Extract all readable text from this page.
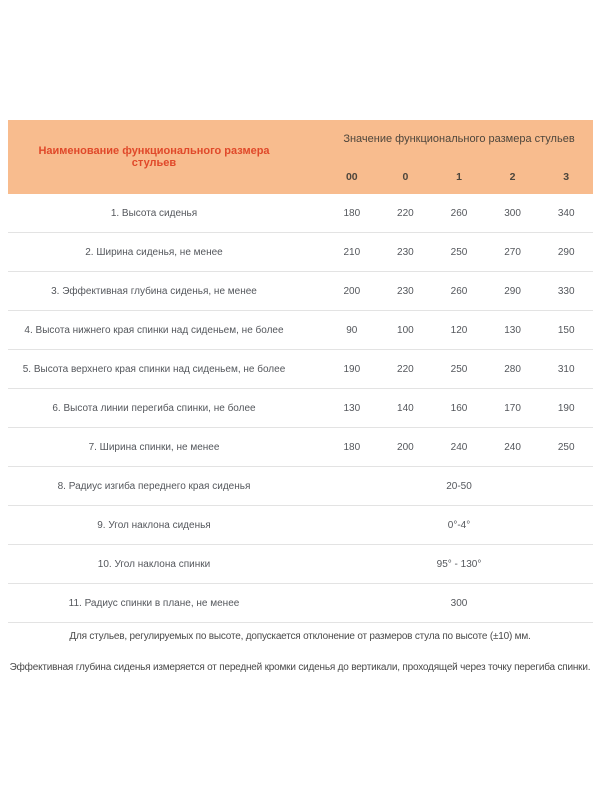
Наименование функционального размера стульев
Значение функционального размера стульев
00	0	1	2	3
1. Высота сиденья	180	220	260	300	340
2. Ширина сиденья, не менее	210	230	250	270	290
3. Эффективная глубина сиденья, не менее	200	230	260	290	330
4. Высота нижнего края спинки над сиденьем, не более	90	100	120	130	150
5. Высота верхнего края спинки над сиденьем, не более	190	220	250	280	310
6. Высота линии перегиба спинки, не более	130	140	160	170	190
7. Ширина спинки, не менее	180	200	240	240	250
8. Радиус изгиба переднего края сиденья	20-50
9. Угол наклона сиденья	0°-4°
10. Угол наклона спинки	95° - 130°
11. Радиус спинки в плане, не менее	300

Для стульев, регулируемых по высоте, допускается отклонение от размеров стула по высоте (±10) мм.

Эффективная глубина сиденья измеряется от передней кромки сиденья до вертикали, проходящей через точку перегиба спинки.
